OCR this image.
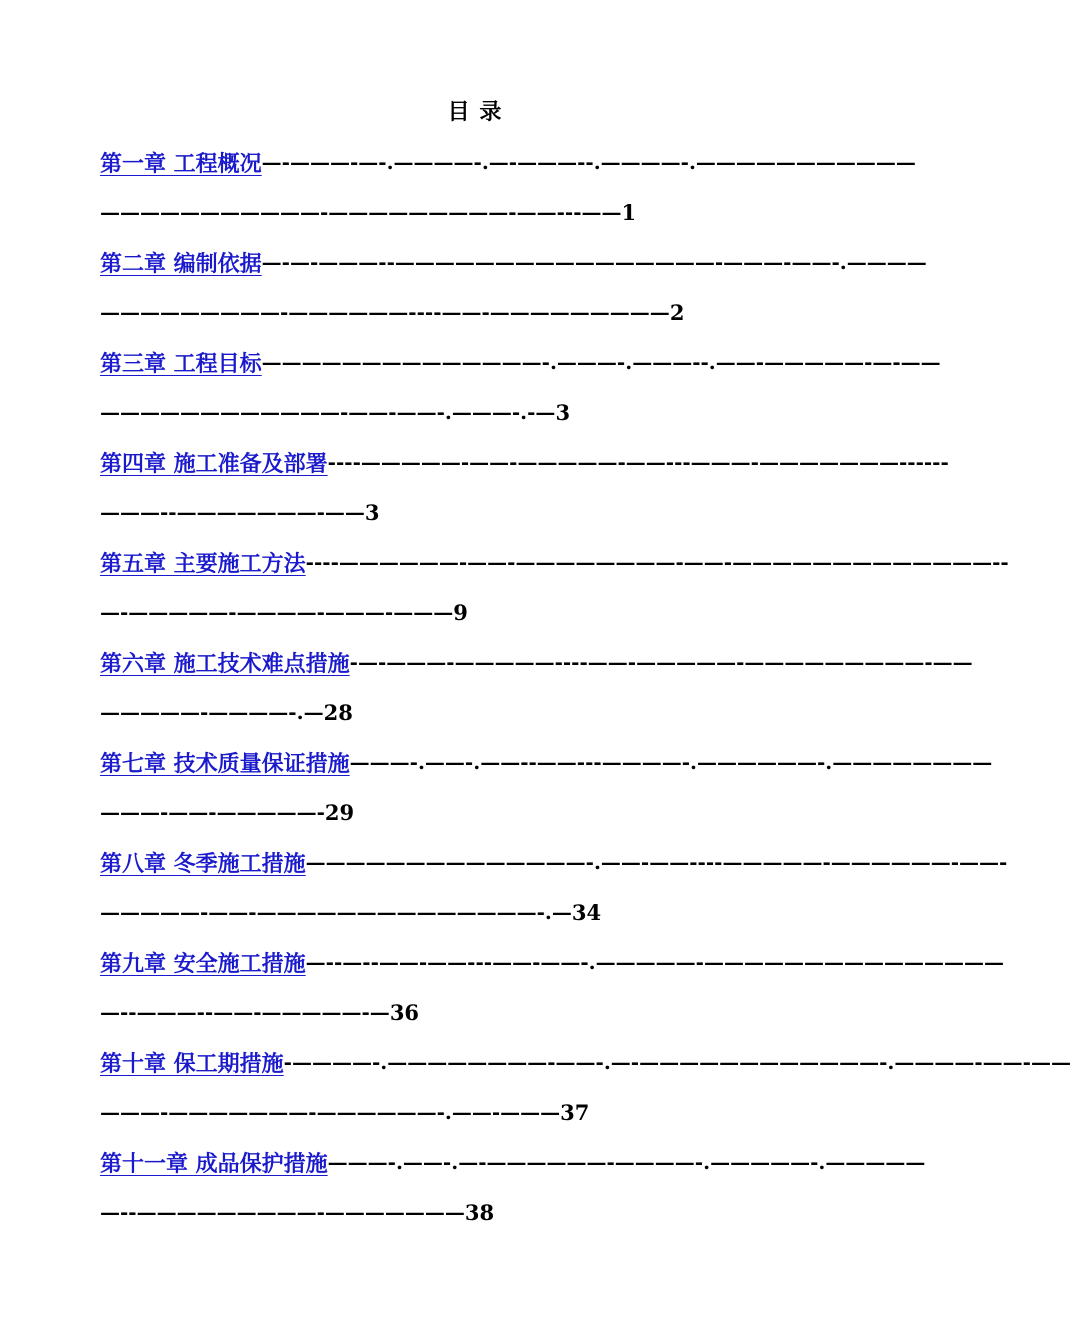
目 录
第一章 工程概况 —-———-—-.————-.—-———--.————-.———————————
———————————-—————————-——---—— 1
第二章 编制依据 —-—-———--————————————————-———-——-.————
—————————-——————----——-————————— 2
第三章 工程目标 ——————————————-.———-.———--.——-—————-—-——
————————————-——-——-.———-.-— 3
第四章 施工准备及部署 ----—————-——-—————-——---———-———————------
———--———————-—— 3
第五章 主要施工方法 ----——————-——-————————-——-—————————————--
—-—————-————-———-——— 9
第六章 施工技术难点措施 -—-———-—————----——-—————-—————————-——
—————-————-.— 28
第七章 技术质量保证措施 ———-.——-.——--——---————-.——————-.————————
———-——-—————- 29
第八章 冬季施工措施 ——————————————-.——-——----—————-——————-——-
—————-——-——————————————-.— 34
第九章 安全施工措施 —--—--——-——---——-——-.—————-———————————————
—--———--——-—————-— 36
第十章 保工期措施 -————-.————————-——-.—-————————————-.————-——-——
———-———————-——————-.——-——— 37
第十一章 成品保护措施 ———-.——-.—-——————-————-.—————-.—————
—--—————————-——————— 38
